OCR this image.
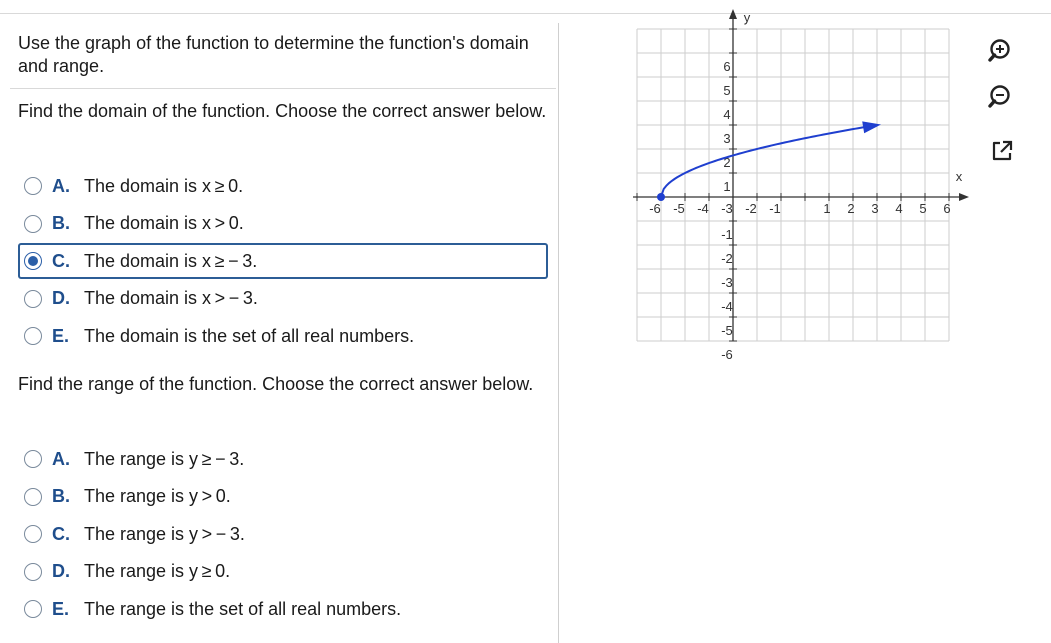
Use the graph of the function to determine the function's domain and range.
Find the domain of the function. Choose the correct answer below.
A. The domain is x ≥ 0.
B. The domain is x > 0.
C. The domain is x ≥ − 3.
D. The domain is x > − 3.
E. The domain is the set of all real numbers.
Find the range of the function. Choose the correct answer below.
A. The range is y ≥ − 3.
B. The range is y > 0.
C. The range is y > − 3.
D. The range is y ≥ 0.
E. The range is the set of all real numbers.
-6 -5 -4 -3 -2 -1	1 2 3 4 5 6
6
5
4
3
2
1
-1
-2
-3
-4
-5
-6
x
y
